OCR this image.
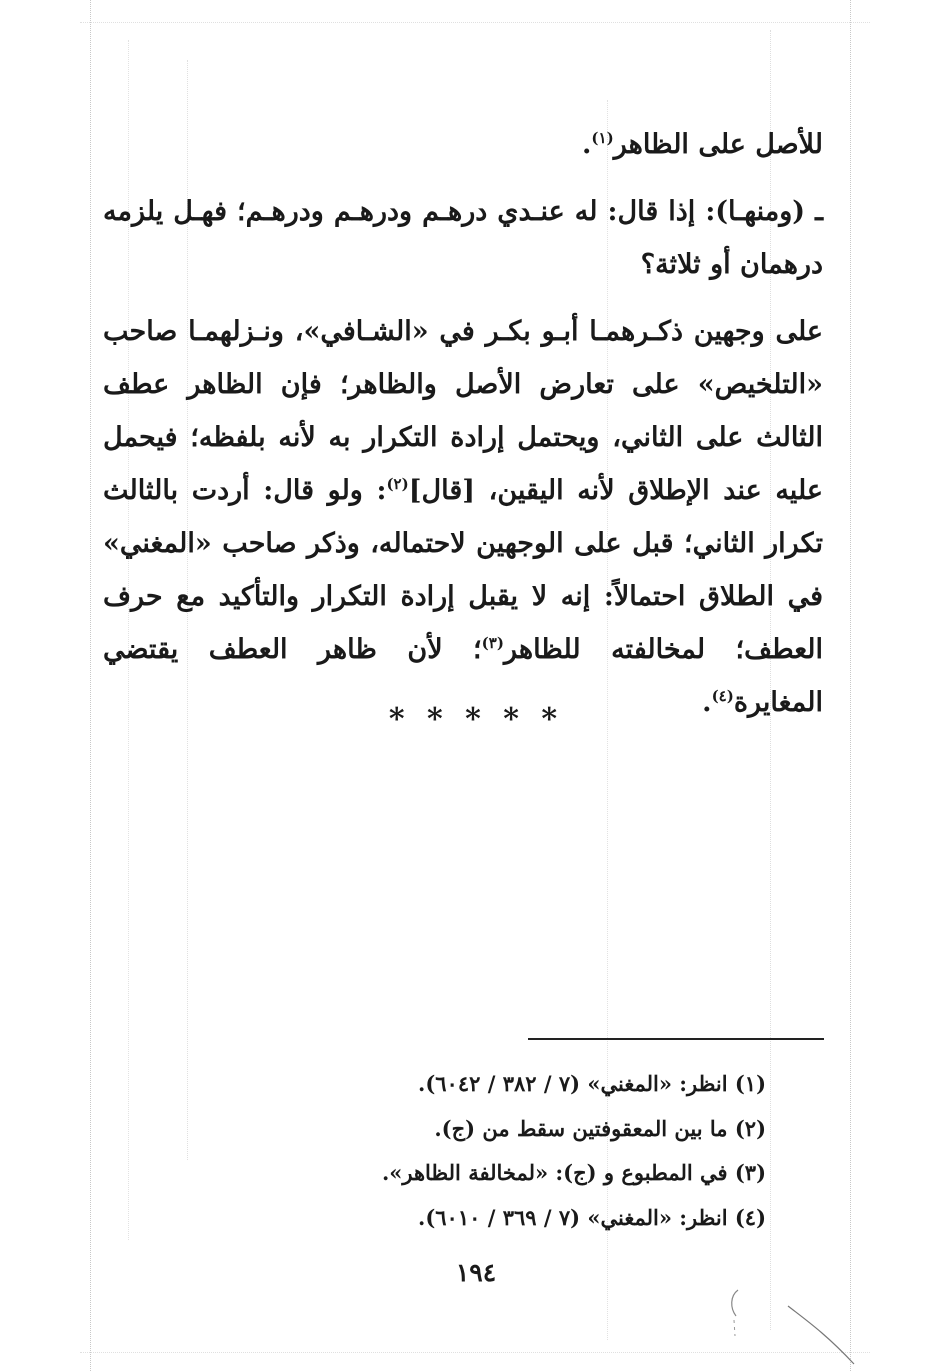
للأصل على الظاهر$^{(١)}$.

ـ (ومنهـا): إذا قال: له عنـدي درهـم ودرهـم ودرهـم؛ فهـل يلزمه درهمان أو ثلاثة؟

على وجهين ذكـرهمـا أبـو بكـر في «الشـافي»، ونـزلهمـا صاحب «التلخيص» على تعارض الأصل والظاهر؛ فإن الظاهر عطف الثالث على الثاني، ويحتمل إرادة التكرار به لأنه بلفظه؛ فيحمل عليه عند الإطلاق لأنه اليقين، [قال]$^{(٢)}$: ولو قال: أردت بالثالث تكرار الثاني؛ قبل على الوجهين لاحتماله، وذكر صاحب «المغني» في الطلاق احتمالاً: إنه لا يقبل إرادة التكرار والتأكيد مع حرف العطف؛ لمخالفته للظاهر$^{(٣)}$؛ لأن ظاهر العطف يقتضي المغايرة$^{(٤)}$.

* * * * *
(١) انظر: «المغني» (٧ / ٣٨٢ / ٦٠٤٢).
(٢) ما بين المعقوفتين سقط من (ج).
(٣) في المطبوع و (ج): «لمخالفة الظاهر».
(٤) انظر: «المغني» (٧ / ٣٦٩ / ٦٠١٠).
١٩٤
